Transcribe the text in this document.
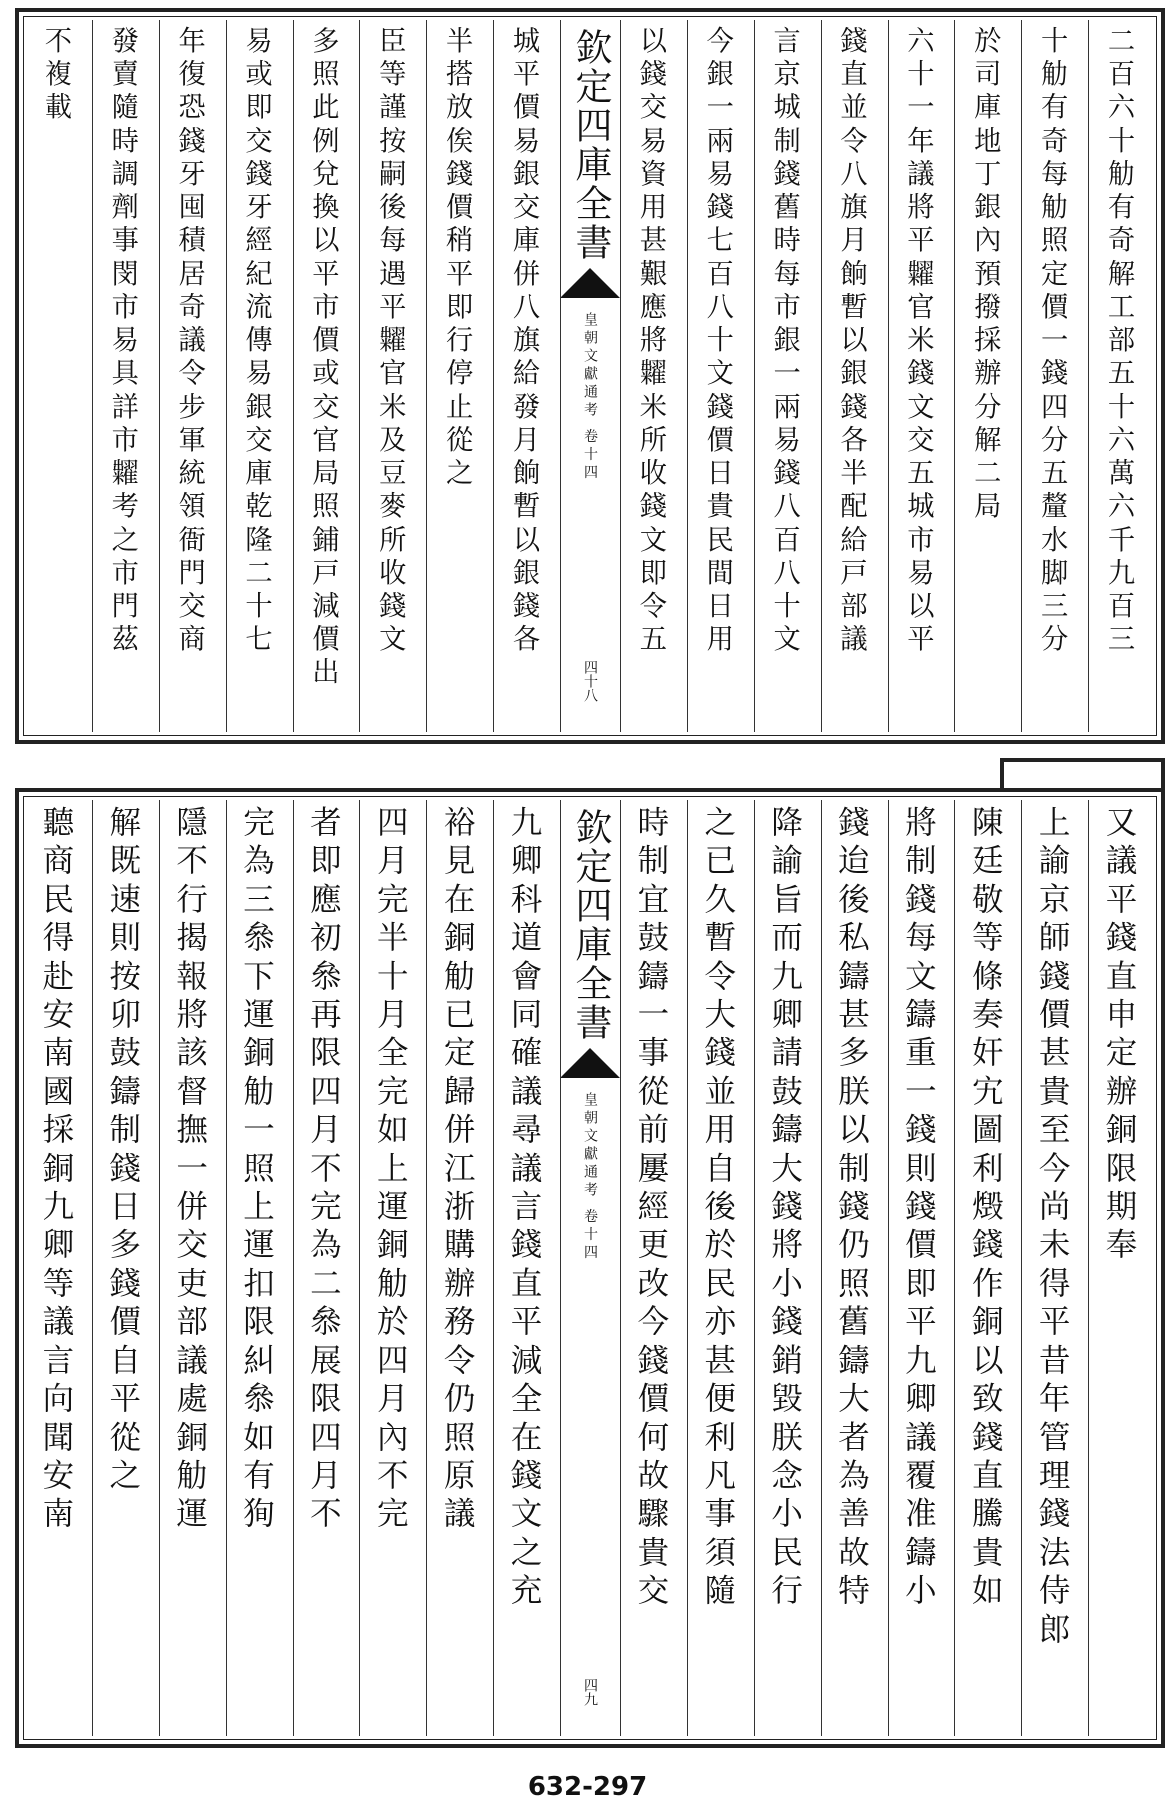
二
百
六
十
觔
有
奇
解
工
部
五
十
六
萬
六
千
九
百
三
十
觔
有
奇
每
觔
照
定
價
一
錢
四
分
五
釐
水
脚
三
分
於
司
庫
地
丁
銀
內
預
撥
採
辦
分
解
二
局
六
十
一
年
議
將
平
糶
官
米
錢
文
交
五
城
市
易
以
平
錢
直
並
令
八
旗
月
餉
暫
以
銀
錢
各
半
配
給
戸
部
議
言
京
城
制
錢
舊
時
每
市
銀
一
兩
易
錢
八
百
八
十
文
今
銀
一
兩
易
錢
七
百
八
十
文
錢
價
日
貴
民
間
日
用
以
錢
交
易
資
用
甚
艱
應
將
糶
米
所
收
錢
文
即
令
五
欽定四庫全書
皇朝文獻通考 卷十四
四十八
城
平
價
易
銀
交
庫
併
八
旗
給
發
月
餉
暫
以
銀
錢
各
半
搭
放
俟
錢
價
稍
平
即
行
停
止
從
之
臣
等
謹
按
嗣
後
每
遇
平
糶
官
米
及
豆
麥
所
收
錢
文
多
照
此
例
兌
換
以
平
市
價
或
交
官
局
照
鋪
戸
減
價
出
易
或
即
交
錢
牙
經
紀
流
傳
易
銀
交
庫
乾
隆
二
十
七
年
復
恐
錢
牙
囤
積
居
奇
議
令
步
軍
統
領
衙
門
交
商
發
賣
隨
時
調
劑
事
閔
市
易
具
詳
市
糶
考
之
市
門
茲
不
複
載
又
議
平
錢
直
申
定
辦
銅
限
期
奉
上
諭
京
師
錢
價
甚
貴
至
今
尚
未
得
平
昔
年
管
理
錢
法
侍
郎
陳
廷
敬
等
條
奏
奸
宄
圖
利
燬
錢
作
銅
以
致
錢
直
騰
貴
如
將
制
錢
每
文
鑄
重
一
錢
則
錢
價
即
平
九
卿
議
覆
准
鑄
小
錢
迨
後
私
鑄
甚
多
朕
以
制
錢
仍
照
舊
鑄
大
者
為
善
故
特
降
諭
旨
而
九
卿
請
鼓
鑄
大
錢
將
小
錢
銷
毀
朕
念
小
民
行
之
已
久
暫
令
大
錢
並
用
自
後
於
民
亦
甚
便
利
凡
事
須
隨
時
制
宜
鼓
鑄
一
事
從
前
屢
經
更
改
今
錢
價
何
故
驟
貴
交
欽定四庫全書
皇朝文獻通考 卷十四
四九
九
卿
科
道
會
同
確
議
尋
議
言
錢
直
平
減
全
在
錢
文
之
充
裕
見
在
銅
觔
已
定
歸
併
江
浙
購
辦
務
令
仍
照
原
議
四
月
完
半
十
月
全
完
如
上
運
銅
觔
於
四
月
內
不
完
者
即
應
初
叅
再
限
四
月
不
完
為
二
叅
展
限
四
月
不
完
為
三
叅
下
運
銅
觔
一
照
上
運
扣
限
糾
叅
如
有
狥
隱
不
行
揭
報
將
該
督
撫
一
併
交
吏
部
議
處
銅
觔
運
解
既
速
則
按
卯
鼓
鑄
制
錢
日
多
錢
價
自
平
從
之
聽
商
民
得
赴
安
南
國
採
銅
九
卿
等
議
言
向
聞
安
南
632-297
